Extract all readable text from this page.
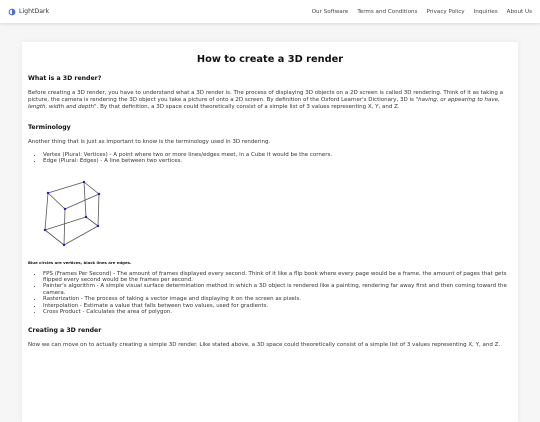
LightDark	Our Software Terms and Conditions Privacy Policy Inquiries About Us
How to create a 3D render
What is a 3D render?

Before creating a 3D render, you have to understand what a 3D render is. The process of displaying 3D objects on a 2D screen is called 3D rendering. Think of it as taking a picture, the camera is rendering the 3D object you take a picture of onto a 2D screen. By definition of the Oxford Learner's Dictionary, 3D is "having, or appearing to have, length, width and depth". By that definition, a 3D space could theoretically consist of a simple list of 3 values representing X, Y, and Z.

Terminology

Another thing that is just as important to know is the terminology used in 3D rendering.

• Vertex (Plural: Vertices) - A point where two or more lines/edges meet, in a Cube it would be the corners.
• Edge (Plural: Edges) - A line between two vertices.
Blue circles are vertices, black lines are edges.
• FPS (Frames Per Second) - The amount of frames displayed every second. Think of it like a flip book where every page would be a frame, the amount of pages that gets flipped every second would be the frames per second.
• Painter's algorithm - A simple visual surface determination method in which a 3D object is rendered like a painting, rendering far away first and then coming toward the camera.
• Rasterization - The process of taking a vector image and displaying it on the screen as pixels.
• Interpolation - Estimate a value that falls between two values, used for gradients.
• Cross Product - Calculates the area of polygon.
Creating a 3D render

Now we can move on to actually creating a simple 3D render. Like stated above, a 3D space could theoretically consist of a simple list of 3 values representing X, Y, and Z.
